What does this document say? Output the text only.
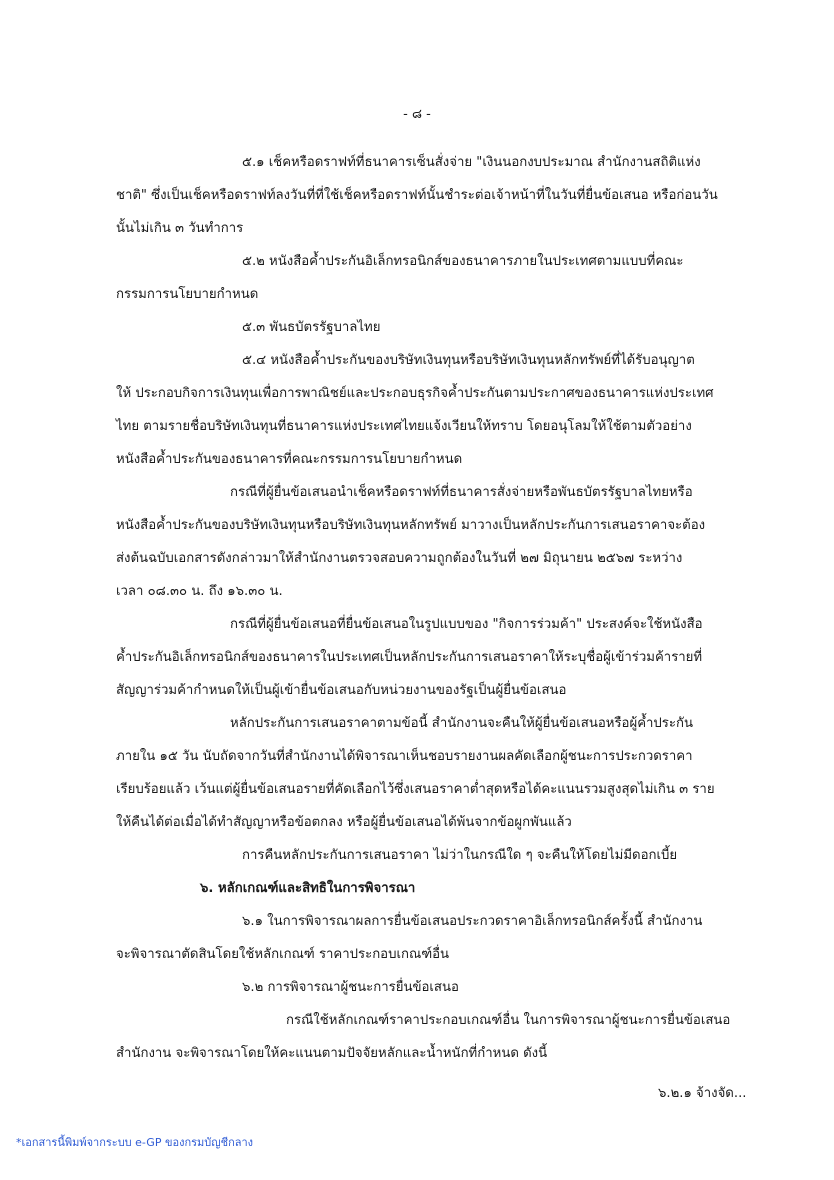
- ๘ -
๕.๑ เช็คหรือดราฟท์ที่ธนาคารเซ็นสั่งจ่าย "เงินนอกงบประมาณ สำนักงานสถิติแห่ง
ชาติ" ซึ่งเป็นเช็คหรือดราฟท์ลงวันที่ที่ใช้เช็คหรือดราฟท์นั้นชำระต่อเจ้าหน้าที่ในวันที่ยื่นข้อเสนอ หรือก่อนวัน
นั้นไม่เกิน ๓ วันทำการ
๕.๒ หนังสือค้ำประกันอิเล็กทรอนิกส์ของธนาคารภายในประเทศตามแบบที่คณะ
กรรมการนโยบายกำหนด
๕.๓ พันธบัตรรัฐบาลไทย
๕.๔ หนังสือค้ำประกันของบริษัทเงินทุนหรือบริษัทเงินทุนหลักทรัพย์ที่ได้รับอนุญาต
ให้ ประกอบกิจการเงินทุนเพื่อการพาณิชย์และประกอบธุรกิจค้ำประกันตามประกาศของธนาคารแห่งประเทศ
ไทย ตามรายชื่อบริษัทเงินทุนที่ธนาคารแห่งประเทศไทยแจ้งเวียนให้ทราบ โดยอนุโลมให้ใช้ตามตัวอย่าง
หนังสือค้ำประกันของธนาคารที่คณะกรรมการนโยบายกำหนด
กรณีที่ผู้ยื่นข้อเสนอนำเช็คหรือดราฟท์ที่ธนาคารสั่งจ่ายหรือพันธบัตรรัฐบาลไทยหรือ
หนังสือค้ำประกันของบริษัทเงินทุนหรือบริษัทเงินทุนหลักทรัพย์ มาวางเป็นหลักประกันการเสนอราคาจะต้อง
ส่งต้นฉบับเอกสารดังกล่าวมาให้สำนักงานตรวจสอบความถูกต้องในวันที่ ๒๗ มิถุนายน ๒๕๖๗ ระหว่าง
เวลา ๐๘.๓๐ น. ถึง ๑๖.๓๐ น.
กรณีที่ผู้ยื่นข้อเสนอที่ยื่นข้อเสนอในรูปแบบของ "กิจการร่วมค้า" ประสงค์จะใช้หนังสือ
ค้ำประกันอิเล็กทรอนิกส์ของธนาคารในประเทศเป็นหลักประกันการเสนอราคาให้ระบุชื่อผู้เข้าร่วมค้ารายที่
สัญญาร่วมค้ากำหนดให้เป็นผู้เข้ายื่นข้อเสนอกับหน่วยงานของรัฐเป็นผู้ยื่นข้อเสนอ
หลักประกันการเสนอราคาตามข้อนี้ สำนักงานจะคืนให้ผู้ยื่นข้อเสนอหรือผู้ค้ำประกัน
ภายใน ๑๕ วัน นับถัดจากวันที่สำนักงานได้พิจารณาเห็นชอบรายงานผลคัดเลือกผู้ชนะการประกวดราคา
เรียบร้อยแล้ว เว้นแต่ผู้ยื่นข้อเสนอรายที่คัดเลือกไว้ซึ่งเสนอราคาต่ำสุดหรือได้คะแนนรวมสูงสุดไม่เกิน ๓ ราย
ให้คืนได้ต่อเมื่อได้ทำสัญญาหรือข้อตกลง หรือผู้ยื่นข้อเสนอได้พ้นจากข้อผูกพันแล้ว
การคืนหลักประกันการเสนอราคา ไม่ว่าในกรณีใด ๆ จะคืนให้โดยไม่มีดอกเบี้ย
๖. หลักเกณฑ์และสิทธิในการพิจารณา
๖.๑ ในการพิจารณาผลการยื่นข้อเสนอประกวดราคาอิเล็กทรอนิกส์ครั้งนี้ สำนักงาน
จะพิจารณาตัดสินโดยใช้หลักเกณฑ์ ราคาประกอบเกณฑ์อื่น
๖.๒ การพิจารณาผู้ชนะการยื่นข้อเสนอ
กรณีใช้หลักเกณฑ์ราคาประกอบเกณฑ์อื่น ในการพิจารณาผู้ชนะการยื่นข้อเสนอ
สำนักงาน จะพิจารณาโดยให้คะแนนตามปัจจัยหลักและน้ำหนักที่กำหนด ดังนี้
๖.๒.๑ จ้างจัด...
*เอกสารนี้พิมพ์จากระบบ e-GP ของกรมบัญชีกลาง
